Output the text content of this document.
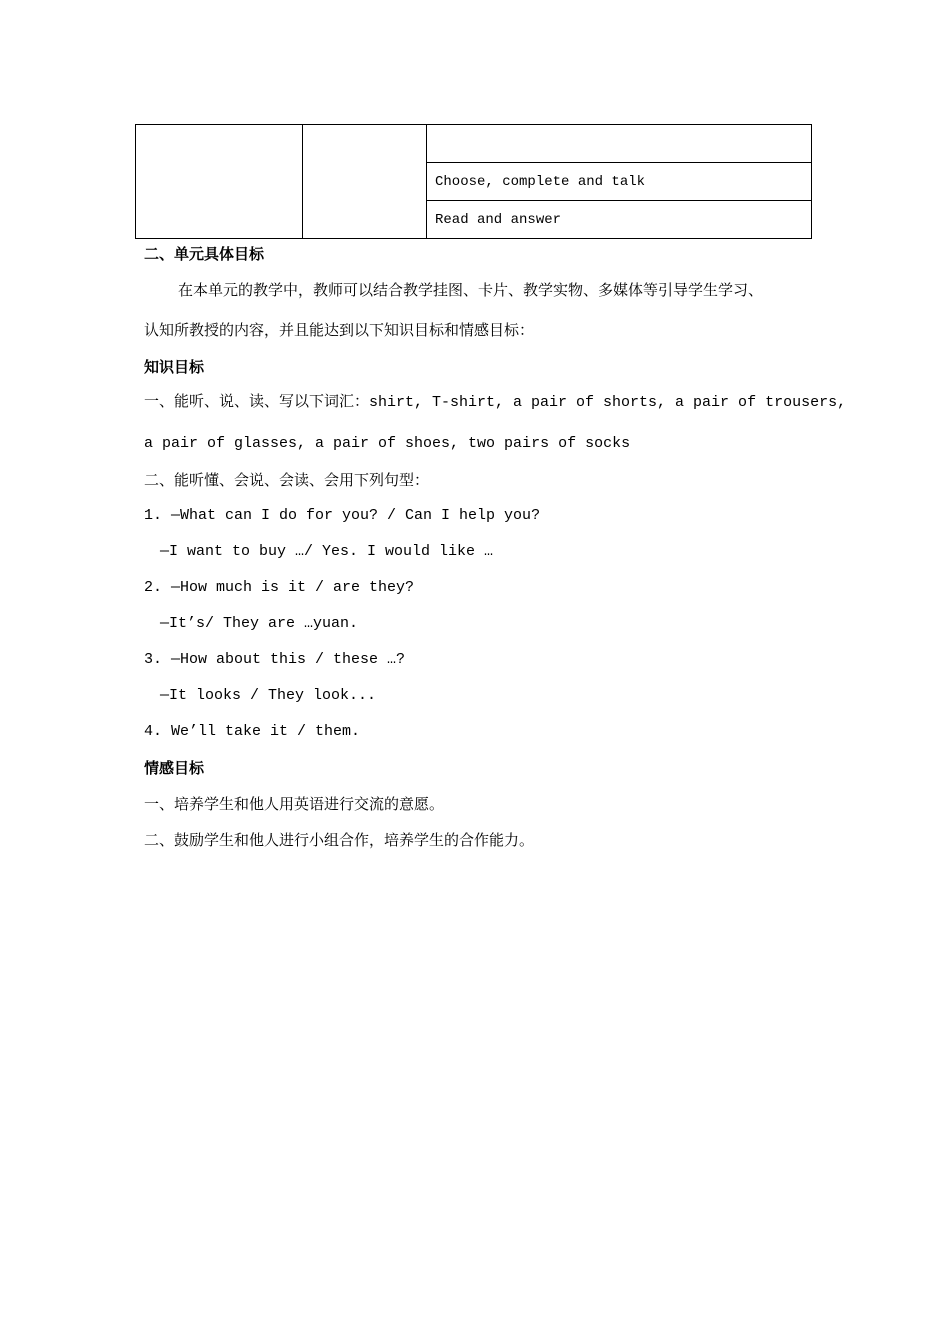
Choose, complete and talk
Read and answer

二、单元具体目标

在本单元的教学中，教师可以结合教学挂图、卡片、教学实物、多媒体等引导学生学习、

认知所教授的内容，并且能达到以下知识目标和情感目标：

知识目标

一、能听、说、读、写以下词汇：shirt, T-shirt, a pair of shorts, a pair of trousers,

a pair of glasses, a pair of shoes, two pairs of socks

二、能听懂、会说、会读、会用下列句型：

1. —What can I do for you? / Can I help you?

—I want to buy …/ Yes. I would like …

2. —How much is it / are they?

—It’s/ They are …yuan.

3. —How about this / these …?

—It looks / They look...

4. We’ll take it / them.

情感目标

一、培养学生和他人用英语进行交流的意愿。

二、鼓励学生和他人进行小组合作，培养学生的合作能力。
